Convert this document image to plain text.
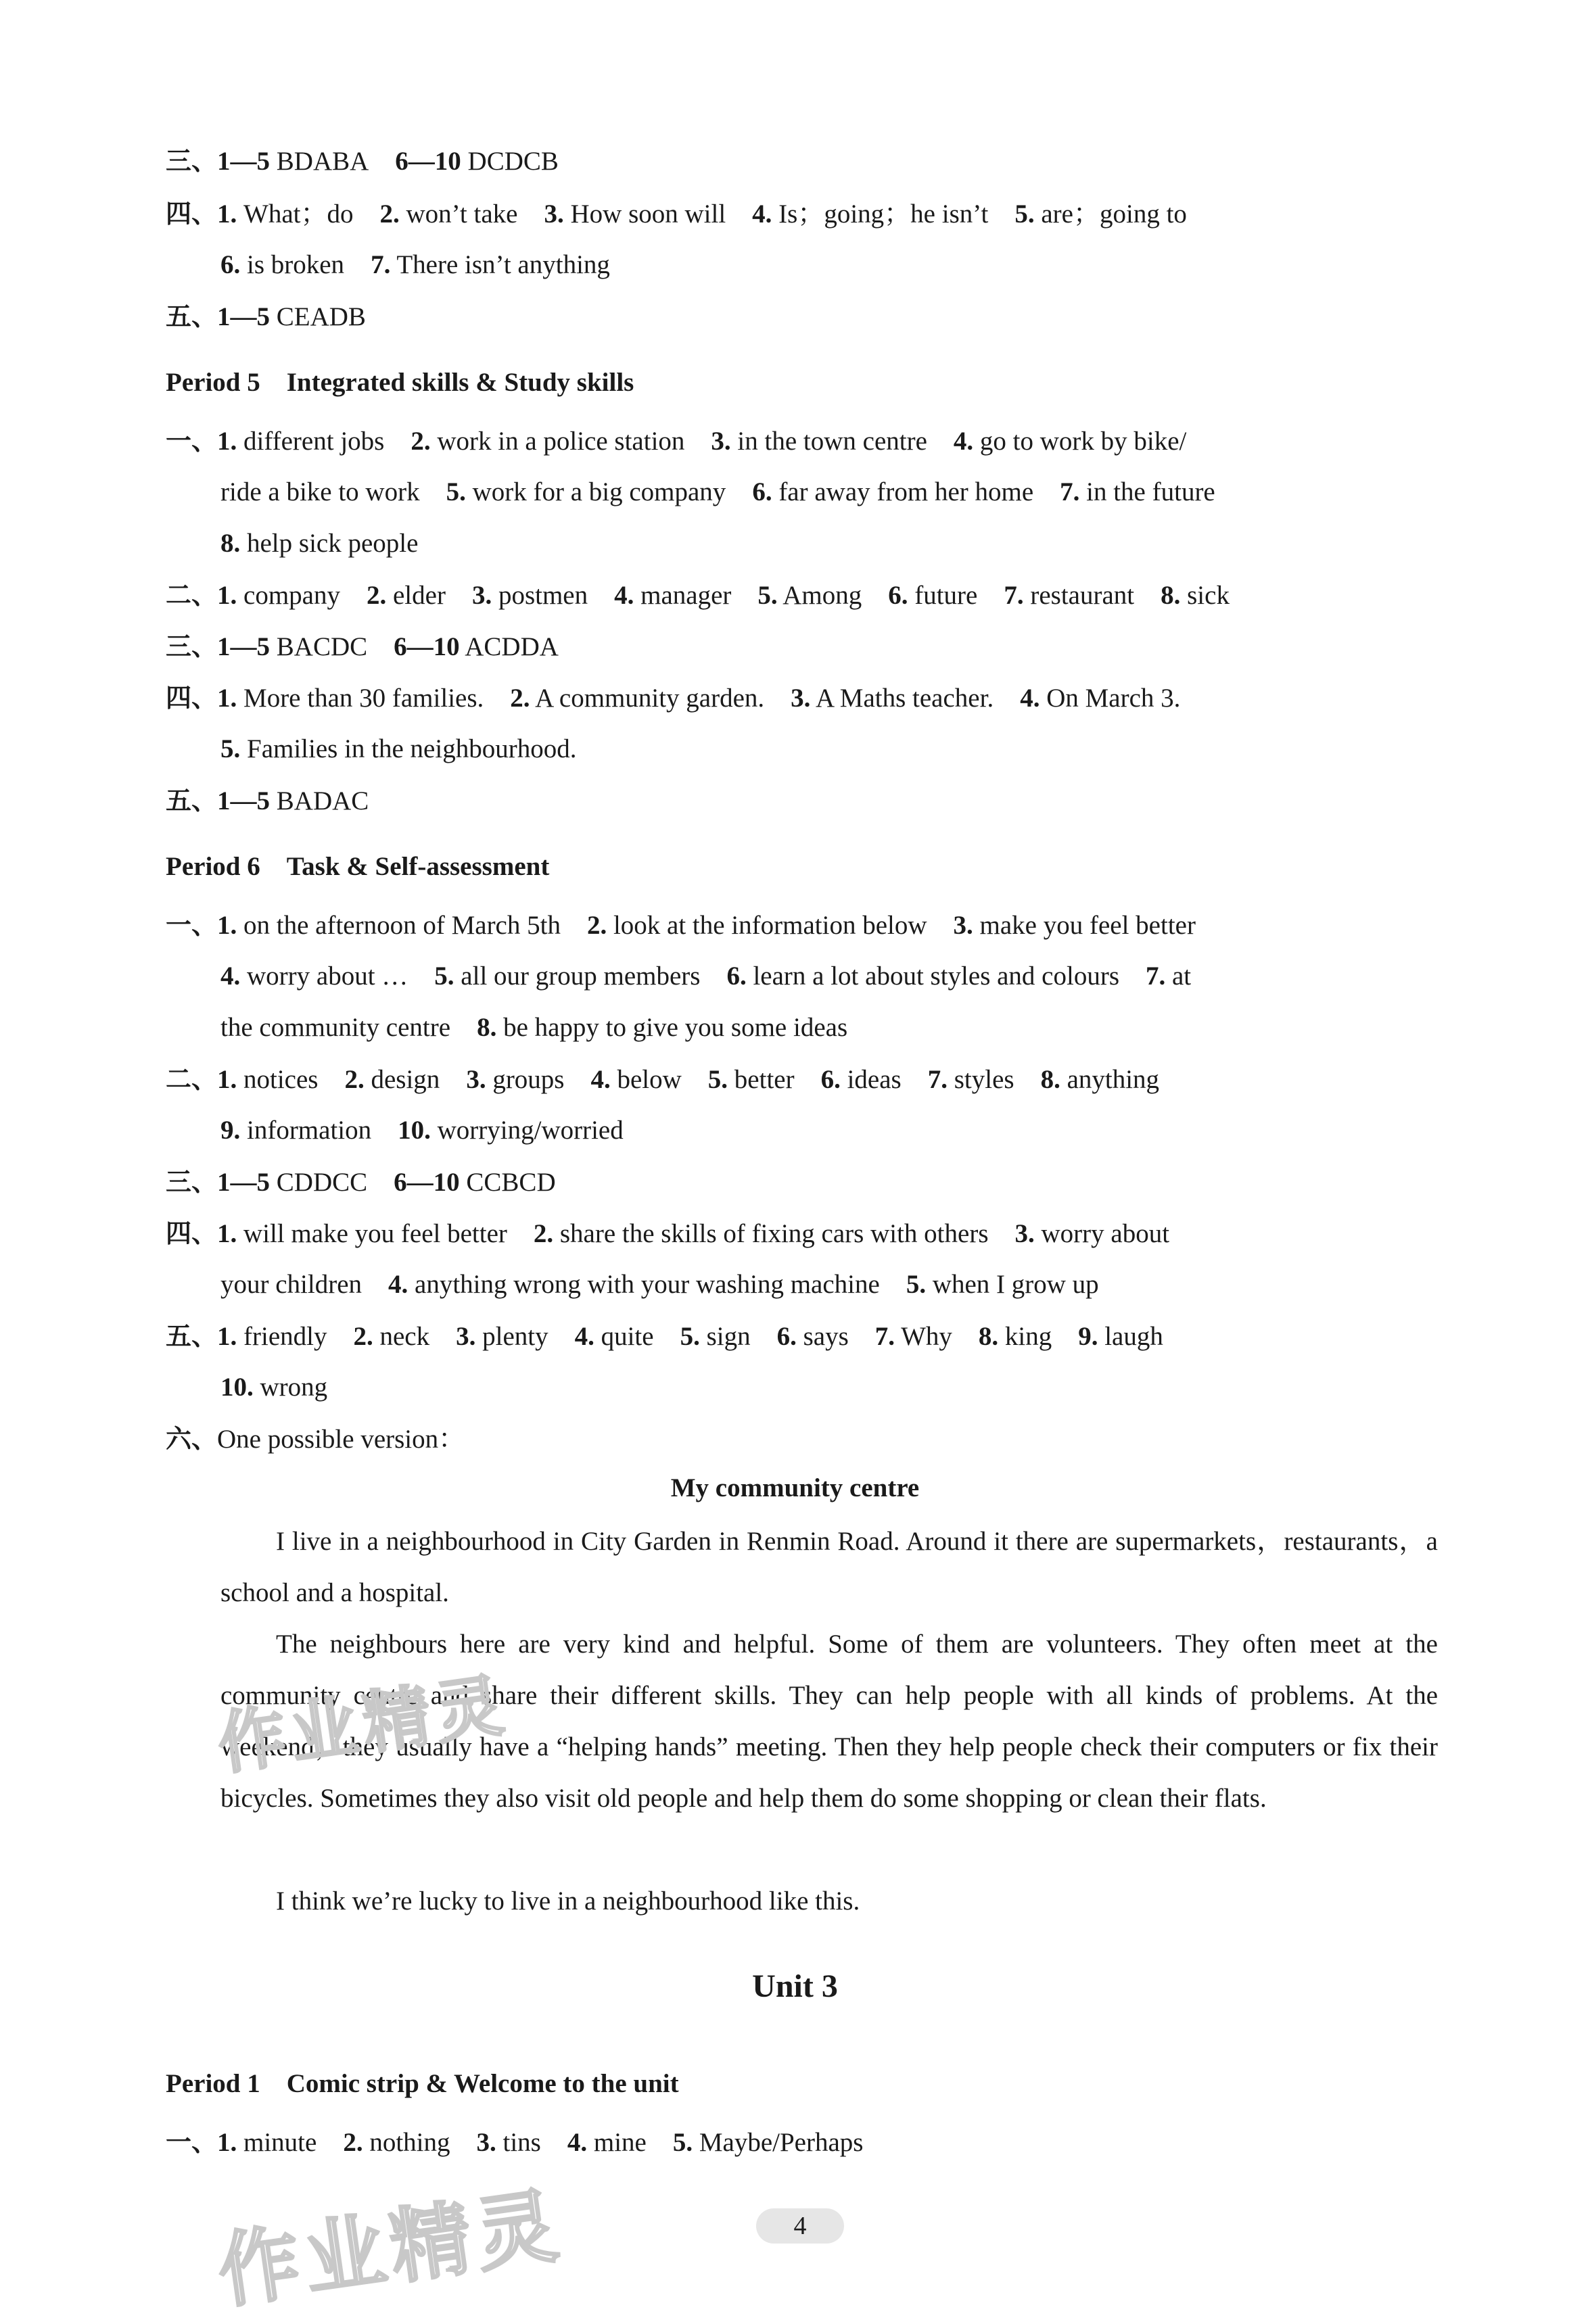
三、1—5 BDABA 6—10 DCDCB
四、1. What；do 2. won’t take 3. How soon will 4. Is；going；he isn’t 5. are；going to
6. is broken 7. There isn’t anything
五、1—5 CEADB
Period 5　Integrated skills & Study skills
一、1. different jobs 2. work in a police station 3. in the town centre 4. go to work by bike/
ride a bike to work 5. work for a big company 6. far away from her home 7. in the future
8. help sick people
二、1. company 2. elder 3. postmen 4. manager 5. Among 6. future 7. restaurant 8. sick
三、1—5 BACDC 6—10 ACDDA
四、1. More than 30 families. 2. A community garden. 3. A Maths teacher. 4. On March 3.
5. Families in the neighbourhood.
五、1—5 BADAC
Period 6　Task & Self-assessment
一、1. on the afternoon of March 5th 2. look at the information below 3. make you feel better
4. worry about … 5. all our group members 6. learn a lot about styles and colours 7. at
the community centre 8. be happy to give you some ideas
二、1. notices 2. design 3. groups 4. below 5. better 6. ideas 7. styles 8. anything
9. information 10. worrying/worried
三、1—5 CDDCC 6—10 CCBCD
四、1. will make you feel better 2. share the skills of fixing cars with others 3. worry about
your children 4. anything wrong with your washing machine 5. when I grow up
五、1. friendly 2. neck 3. plenty 4. quite 5. sign 6. says 7. Why 8. king 9. laugh
10. wrong
六、One possible version：
My community centre
I live in a neighbourhood in City Garden in Renmin Road. Around it there are supermarkets，restaurants，a school and a hospital.
The neighbours here are very kind and helpful. Some of them are volunteers. They often meet at the community centre and share their different skills. They can help people with all kinds of problems. At the weekend，they usually have a “helping hands” meeting. Then they help people check their computers or fix their bicycles. Sometimes they also visit old people and help them do some shopping or clean their flats.
I think we’re lucky to live in a neighbourhood like this.
Unit 3
Period 1　Comic strip & Welcome to the unit
一、1. minute 2. nothing 3. tins 4. mine 5. Maybe/Perhaps
4
作业精灵
作业精灵
